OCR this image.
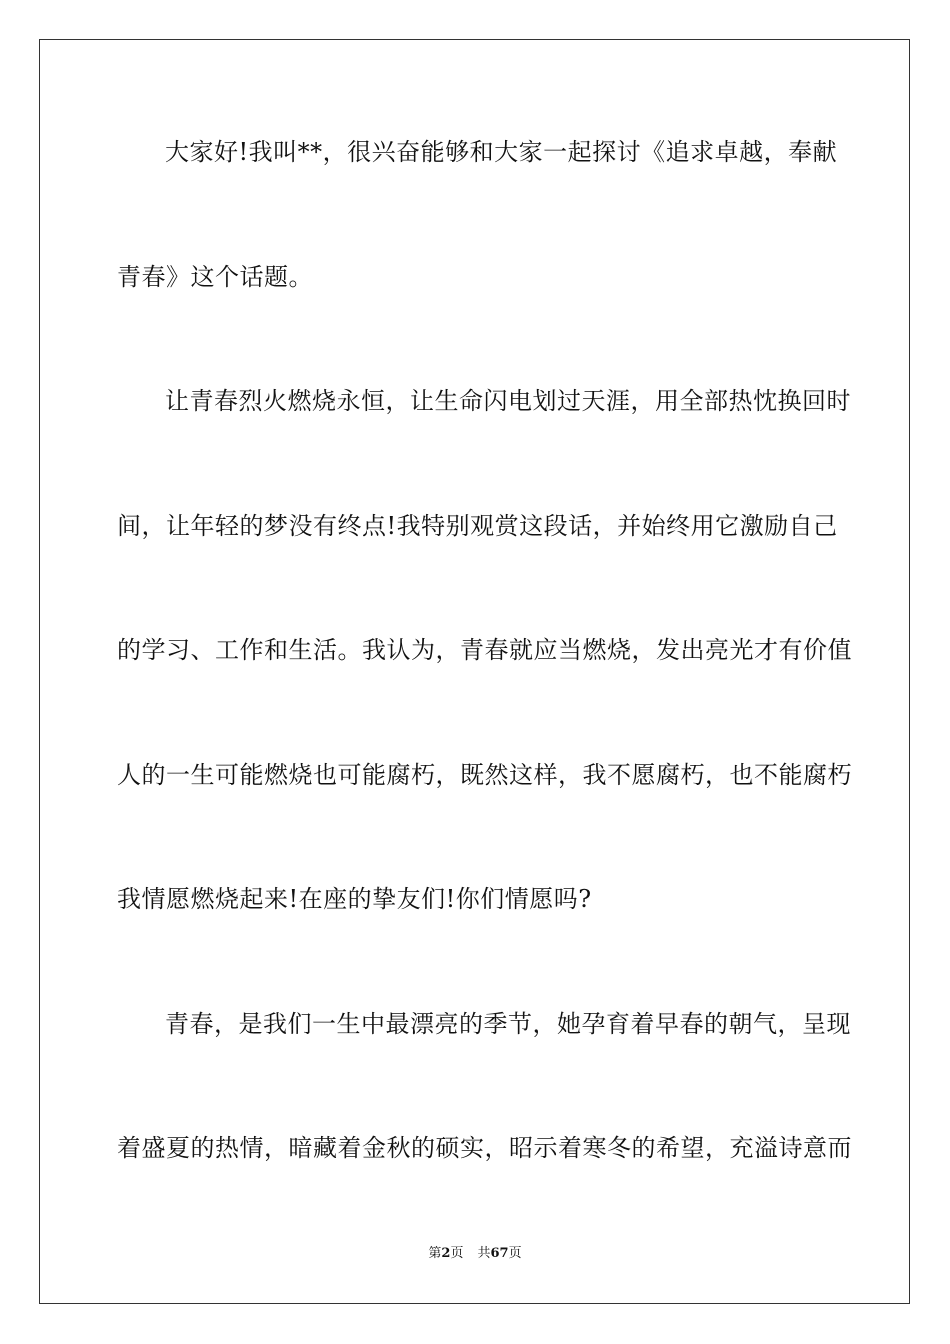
大家好!我叫**，很兴奋能够和大家一起探讨《追求卓越，奉献
青春》这个话题。
让青春烈火燃烧永恒，让生命闪电划过天涯，用全部热忱换回时
间，让年轻的梦没有终点!我特别观赏这段话，并始终用它激励自己
的学习、工作和生活。我认为，青春就应当燃烧，发出亮光才有价值
人的一生可能燃烧也可能腐朽，既然这样，我不愿腐朽，也不能腐朽
我情愿燃烧起来!在座的挚友们!你们情愿吗?
青春，是我们一生中最漂亮的季节，她孕育着早春的朝气，呈现
着盛夏的热情，暗藏着金秋的硕实，昭示着寒冬的希望，充溢诗意而
第2页 共67页
